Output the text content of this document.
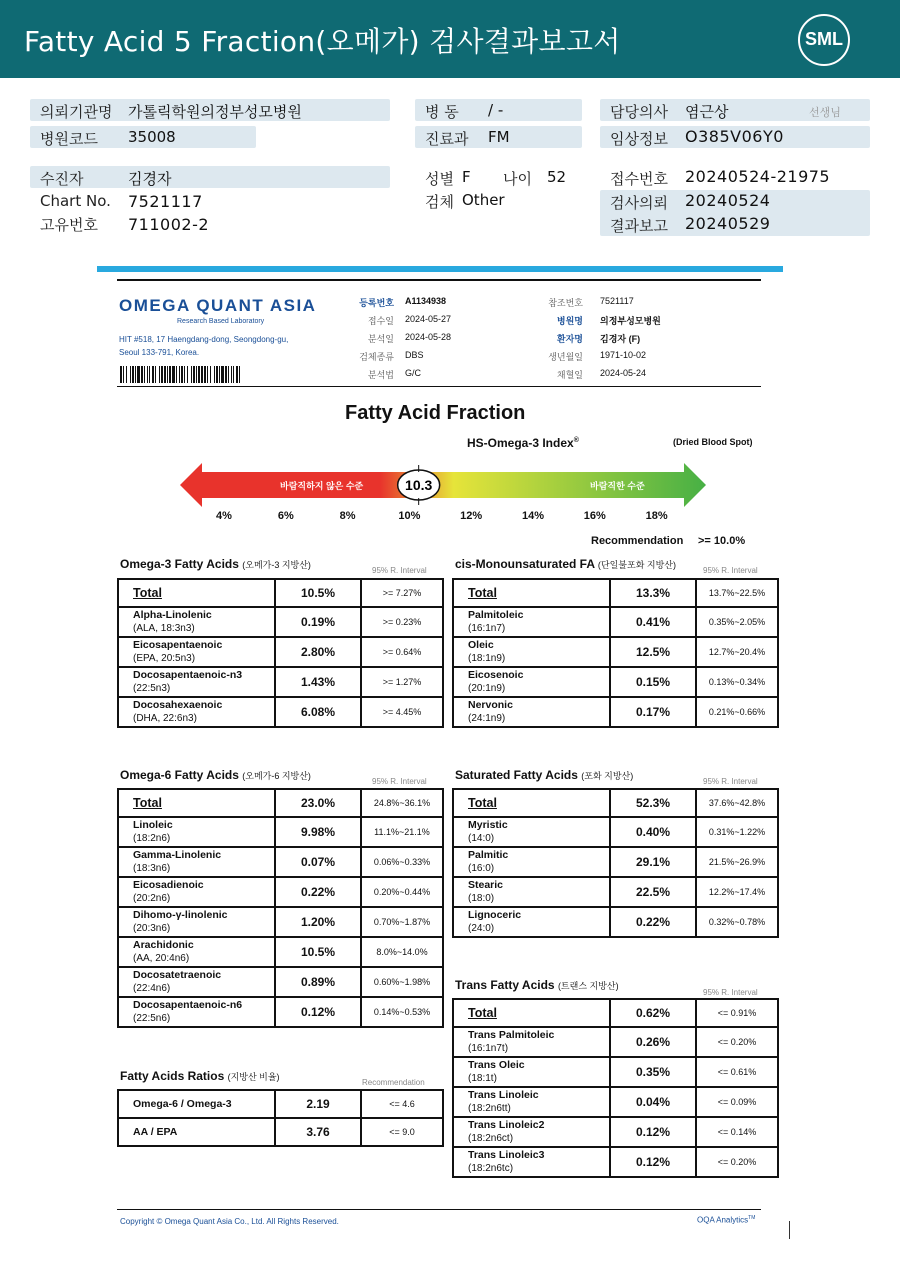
Fatty Acid 5 Fraction(오메가) 검사결과보고서	SML
의뢰기관명 가톨릭학원의정부성모병원
병원코드 35008
병 동 / -
진료과 FM
담당의사 염근상	선생님
임상정보 O385V06Y0
수진자	김경자
Chart No. 7521117
고유번호 711002-2
성별 F 나이 52
검체 Other
접수번호 20240524-21975
검사의뢰 20240524
결과보고 20240529
OMEGA QUANT ASIA
Research Based Laboratory
HIT #518, 17 Haengdang-dong, Seongdong-gu,
Seoul 133-791, Korea.
등록번호 A1134938
접수일 2024-05-27
분석일 2024-05-28
검체종류 DBS
분석법 G/C
참조번호 7521117
병원명 의정부성모병원
환자명 김경자 (F)
생년월일 1971-10-02
채혈일 2024-05-24
Fatty Acid Fraction
HS-Omega-3 Index®	(Dried Blood Spot)
바람직하지 않은 수준	바람직한 수준
10.3
4%	6%	8%	10%	12%	14%	16%	18%
Recommendation >= 10.0%
Omega-3 Fatty Acids (오메가-3 지방산)
95% R. Interval
Total	10.5%	>= 7.27%

Alpha-Linolenic
(ALA, 18:3n3)	0.19%	>= 0.23%

Eicosapentaenoic
(EPA, 20:5n3)	2.80%	>= 0.64%

Docosapentaenoic-n3
(22:5n3)	1.43%	>= 1.27%

Docosahexaenoic
(DHA, 22:6n3)	6.08%	>= 4.45%
cis-Monounsaturated FA (단일불포화 지방산)
95% R. Interval
Total	13.3%	13.7%~22.5%

Palmitoleic
(16:1n7)	0.41%	0.35%~2.05%

Oleic
(18:1n9)	12.5%	12.7%~20.4%

Eicosenoic
(20:1n9)	0.15%	0.13%~0.34%

Nervonic
(24:1n9)	0.17%	0.21%~0.66%
Omega-6 Fatty Acids (오메가-6 지방산)
95% R. Interval
Total	23.0%	24.8%~36.1%

Linoleic
(18:2n6)	9.98%	11.1%~21.1%

Gamma-Linolenic
(18:3n6)	0.07%	0.06%~0.33%

Eicosadienoic
(20:2n6)	0.22%	0.20%~0.44%

Dihomo-γ-linolenic
(20:3n6)	1.20%	0.70%~1.87%

Arachidonic
(AA, 20:4n6)	10.5%	8.0%~14.0%

Docosatetraenoic
(22:4n6)	0.89%	0.60%~1.98%

Docosapentaenoic-n6
(22:5n6)	0.12%	0.14%~0.53%
Saturated Fatty Acids (포화 지방산)
95% R. Interval
Total	52.3%	37.6%~42.8%

Myristic
(14:0)	0.40%	0.31%~1.22%

Palmitic
(16:0)	29.1%	21.5%~26.9%

Stearic
(18:0)	22.5%	12.2%~17.4%

Lignoceric
(24:0)	0.22%	0.32%~0.78%
Trans Fatty Acids (트랜스 지방산)
95% R. Interval
Total	0.62%	<= 0.91%

Trans Palmitoleic
(16:1n7t)	0.26%	<= 0.20%

Trans Oleic
(18:1t)	0.35%	<= 0.61%

Trans Linoleic
(18:2n6tt)	0.04%	<= 0.09%

Trans Linoleic2
(18:2n6ct)	0.12%	<= 0.14%

Trans Linoleic3
(18:2n6tc)	0.12%	<= 0.20%
Fatty Acids Ratios (지방산 비율)
Recommendation
Omega-6 / Omega-3	2.19	<= 4.6

AA / EPA	3.76	<= 9.0
Copyright © Omega Quant Asia Co., Ltd. All Rights Reserved.	OQA Analytics™
